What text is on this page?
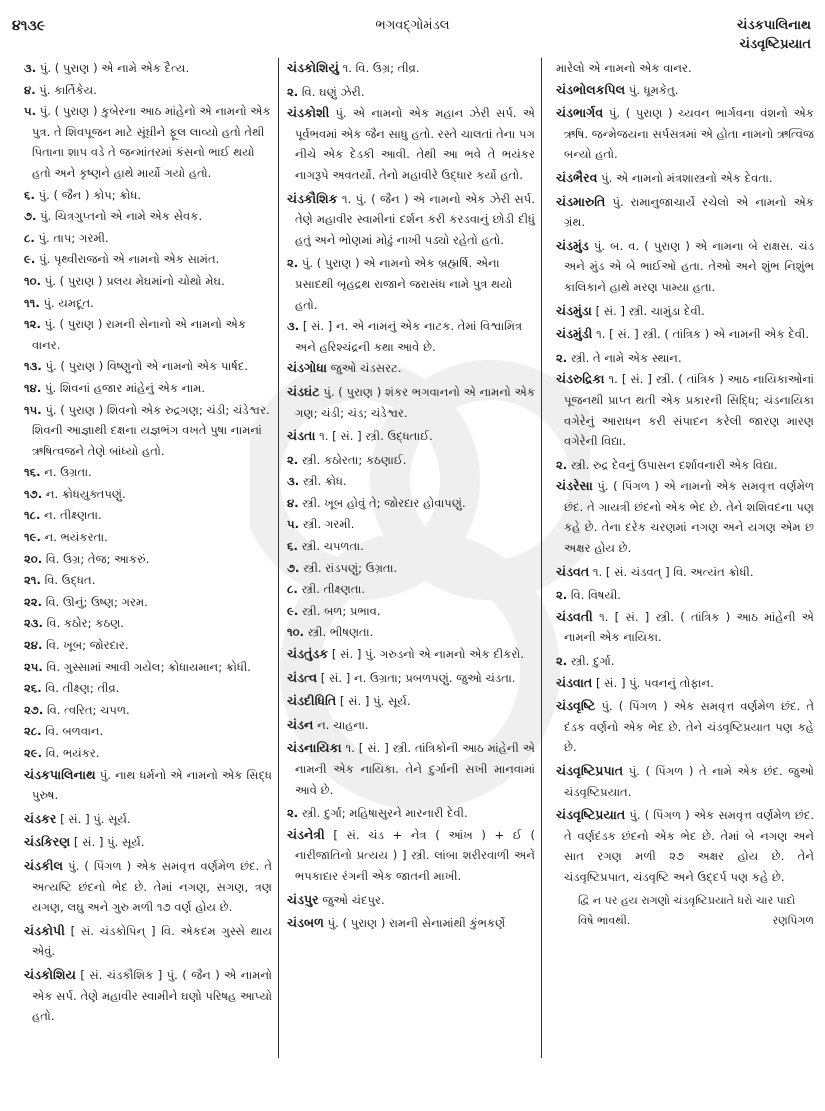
૪૧૩૯	ભગવદ્ગોમંડલ	ચંડકપાલિનાથ
ચંડવૃષ્ટિપ્રયાત
૩. પું. ( પુરાણ ) એ નામે એક દૈત્ય.
૪. પું. કાર્તિકેય.
૫. પું. ( પુરાણ ) કુબેરના આઠ માંહેનો એ નામનો એક પુત્ર. તે શિવપૂજન માટે સૂંઘીને ફૂલ લાવ્યો હતો તેથી પિતાના શાપ વડે તે જન્માંતરમાં કંસનો ભાઈ થયો હતો અને કૃષ્ણને હાથે માર્યો ગયો હતો.
૬. પું. ( જૈન ) કોપ; ક્રોધ.
૭. પું. ચિત્રગુપ્તનો એ નામે એક સેવક.
૮. પું. તાપ; ગરમી.
૯. પું. પૃથ્વીરાજનો એ નામનો એક સામંત.
૧૦. પું. ( પુરાણ ) પ્રલય મેઘમાંનો ચોથો મેઘ.
૧૧. પું. યમદૂત.
૧૨. પું. ( પુરાણ ) રામની સેનાનો એ નામનો એક વાનર.
૧૩. પું. ( પુરાણ ) વિષ્ણુનો એ નામનો એક પાર્ષદ.
૧૪. પું. શિવનાં હજાર માંહેનું એક નામ.
૧૫. પું. ( પુરાણ ) શિવનો એક રુદ્રગણ; ચંડી; ચંડેશ્વર. શિવની આજ્ઞાથી દક્ષના યજ્ઞભંગ વખતે પુષા નામનાં ઋષિત્વજને તેણે બાંધ્યો હતો.
૧૬. ન. ઉગ્રતા.
૧૭. ન. ક્રોધયુક્તપણું.
૧૮. ન. તીક્ષ્ણતા.
૧૯. ન. ભયંકરતા.
૨૦. વિ. ઉગ્ર; તેજ; આકરું.
૨૧. વિ. ઉદ્ધત.
૨૨. વિ. ઊનું; ઉષ્ણ; ગરમ.
૨૩. વિ. કઠોર; કઠણ.
૨૪. વિ. ખૂબ; જોરદાર.
૨૫. વિ. ગુસ્સામાં આવી ગયેલ; ક્રોધાયમાન; ક્રોધી.
૨૬. વિ. તીક્ષ્ણ; તીવ્ર.
૨૭. વિ. ત્વરિત; ચપળ.
૨૮. વિ. બળવાન.
૨૯. વિ. ભયંકર.
ચંડકપાલિનાથ પું. નાથ ધર્મનો એ નામનો એક સિદ્ધ પુરુષ.
ચંડકર [ સં. ] પું. સૂર્ય.
ચંડકિરણ [ સં. ] પું. સૂર્ય.
ચંડકીલ પું. ( પિંગળ ) એક સમવૃત્ત વર્ણમેળ છંદ. તે અત્યષ્ટિ છંદનો ભેદ છે. તેમાં નગણ, સગણ, ત્રણ યગણ, લઘુ અને ગુરુ મળી ૧૭ વર્ણ હોય છે.
ચંડકોપી [ સં. ચંડકોપિન્ ] વિ. એકદમ ગુસ્સે થાય એવું.
ચંડકોશિય [ સં. ચંડકૌશિક ] પું. ( જૈન ) એ નામનો એક સર્પ. તેણે મહાવીર સ્વામીને ઘણો પરિષહ આપ્યો હતો.
ચંડકોશિયું ૧. વિ. ઉગ્ર; તીવ્ર.
૨. વિ. ઘણું ઝેરી.
ચંડકોશી પું. એ નામનો એક મહાન ઝેરી સર્પ. એ પૂર્વભવમાં એક જૈન સાધુ હતો. રસ્તે ચાલતાં તેના પગ નીચે એક દેડકી આવી. તેથી આ ભવે તે ભયંકર નાગરૂપે અવતર્યો. તેનો મહાવીરે ઉદ્ધાર કર્યો હતો.
ચંડકૌશિક ૧. પું. ( જૈન ) એ નામનો એક ઝેરી સર્પ. તેણે મહાવીર સ્વામીનાં દર્શન કરી કરડવાનું છોડી દીધું હતું અને ભોણમાં મોઢું નાખી પડ્યો રહેતો હતો.
૨. પું. ( પુરાણ ) એ નામનો એક બ્રહ્મર્ષિ. એના પ્રસાદથી બૃહદ્રથ રાજાને જરાસંધ નામે પુત્ર થયો હતો.
૩. [ સં. ] ન. એ નામનું એક નાટક. તેમાં વિશ્વામિત્ર અને હરિશ્ચંદ્રની કથા આવે છે.
ચંડગોધા જુઓ ચંડસરટ.
ચંડઘંટ પું. ( પુરાણ ) શંકર ભગવાનનો એ નામનો એક ગણ; ચંડી; ચંડ; ચંડેશ્વર.
ચંડતા ૧. [ સં. ] સ્ત્રી. ઉદ્ધતાઈ.
૨. સ્ત્રી. કઠોરતા; કઠણાઈ.
૩. સ્ત્રી. ક્રોધ.
૪. સ્ત્રી. ખૂબ હોવું તે; જોરદાર હોવાપણું.
૫. સ્ત્રી. ગરમી.
૬. સ્ત્રી. ચપળતા.
૭. સ્ત્રી. રાંડપણું; ઉગ્રતા.
૮. સ્ત્રી. તીક્ષ્ણતા.
૯. સ્ત્રી. બળ; પ્રભાવ.
૧૦. સ્ત્રી. ભીષણતા.
ચંડતુંડક [ સં. ] પું. ગરુડનો એ નામનો એક દીકરો.
ચંડત્વ [ સં. ] ન. ઉગ્રતા; પ્રબળપણું. જુઓ ચંડતા.
ચંડદીધિતિ [ સં. ] પું. સૂર્ય.
ચંડન ન. ચાહના.
ચંડનાયિકા ૧. [ સં. ] સ્ત્રી. તાંત્રિકોની આઠ માંહેની એ નામની એક નાયિકા. તેને દુર્ગાની સખી માનવામાં આવે છે.
૨. સ્ત્રી. દુર્ગા; મહિષાસુરને મારનારી દેવી.
ચંડનેત્રી [ સં. ચંડ + નેત્ર ( આંખ ) + ઈ ( નારીજાતિનો પ્રત્યય ) ] સ્ત્રી. લાંબા શરીરવાળી અને ભપકાદાર રંગની એક જાતની માખી.
ચંડપુર જુઓ ચંદપુર.
ચંડબળ પું. ( પુરાણ ) રામની સેનામાંથી કુંભકર્ણે
મારેલો એ નામનો એક વાનર.
ચંડભોલકપિલ પું. ધૂમકેતુ.
ચંડભાર્ગવ પું. ( પુરાણ ) ચ્યવન ભાર્ગવના વંશનો એક ઋષિ. જન્મેજયના સર્પસત્રમાં એ હોતા નામનો ઋત્વિજ બન્યો હતો.
ચંડભૈરવ પું. એ નામનો મંત્રશાસ્ત્રનો એક દેવતા.
ચંડમારુતિ પું. રામાનુજાચાર્યે રચેલો એ નામનો એક ગ્રંથ.
ચંડમુંડ પું. બ. વ. ( પુરાણ ) એ નામના બે રાક્ષસ. ચંડ અને મુંડ એ બે ભાઈઓ હતા. તેઓ અને શુંભ નિશુંભ કાલિકાને હાથે મરણ પામ્યા હતા.
ચંડમુંડા [ સં. ] સ્ત્રી. ચામુંડા દેવી.
ચંડમુંડી ૧. [ સં. ] સ્ત્રી. ( તાંત્રિક ) એ નામની એક દેવી.
૨. સ્ત્રી. તે નામે એક સ્થાન.
ચંડરુદ્રિકા ૧. [ સં. ] સ્ત્રી. ( તાંત્રિક ) આઠ નાયિકાઓનાં પૂજનથી પ્રાપ્ત થતી એક પ્રકારની સિદ્ધિ; ચંડનાયિકા વગેરેનું આરાધન કરી સંપાદન કરેલી જારણ મારણ વગેરેની વિદ્યા.
૨. સ્ત્રી. રુદ્ર દેવનું ઉપાસન દર્શાવનારી એક વિદ્યા.
ચંડરેસા પું. ( પિંગળ ) એ નામનો એક સમવૃત્ત વર્ણમેળ છંદ. તે ગાયત્રી છંદનો એક ભેદ છે. તેને શશિવદના પણ કહે છે. તેના દરેક ચરણમાં નગણ અને યગણ એમ છ અક્ષર હોય છે.
ચંડવત ૧. [ સં. ચંડવત્ ] વિ. અત્યંત ક્રોધી.
૨. વિ. વિષયી.
ચંડવતી ૧. [ સં. ] સ્ત્રી. ( તાંત્રિક ) આઠ માંહેની એ નામની એક નાયિકા.
૨. સ્ત્રી. દુર્ગા.
ચંડવાત [ સં. ] પું. પવનનું તોફાન.
ચંડવૃષ્ટિ પું. ( પિંગળ ) એક સમવૃત્ત વર્ણમેળ છંદ. તે દંડક વર્ણનો એક ભેદ છે. તેને ચંડવૃષ્ટિપ્રયાત પણ કહે છે.
ચંડવૃષ્ટિપ્રપાત પું. ( પિંગળ ) તે નામે એક છંદ. જુઓ ચંડવૃષ્ટિપ્રયાત.
ચંડવૃષ્ટિપ્રયાત પું. ( પિંગળ ) એક સમવૃત્ત વર્ણમેળ છંદ. તે વર્ણદંડક છંદનો એક ભેદ છે. તેમાં બે નગણ અને સાત રગણ મળી ૨૭ અક્ષર હોય છે. તેને ચંડવૃષ્ટિપ્રપાત, ચંડવૃષ્ટિ અને ઉદ્દર્પ પણ કહે છે.
દ્વિ ન પર હય રાગણો ચંડવૃષ્ટિપ્રયાતે ધરો ચાર પાદો વિષે ભાવથી.	રણપિંગળ
